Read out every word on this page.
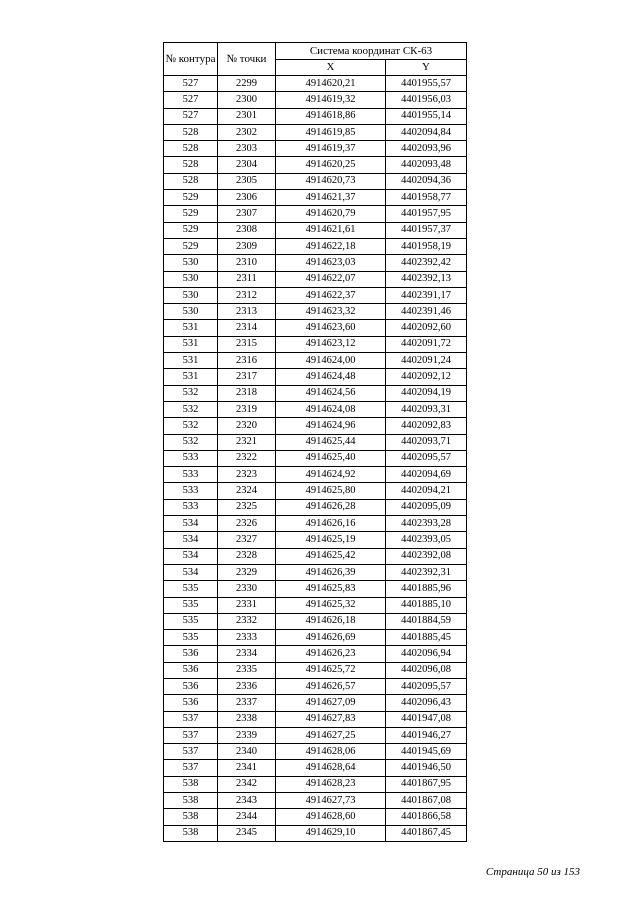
№ контура	№ точки	Система координат СК-63	
		X	Y
527	2299	4914620,21	4401955,57
527	2300	4914619,32	4401956,03
527	2301	4914618,86	4401955,14
528	2302	4914619,85	4402094,84
528	2303	4914619,37	4402093,96
528	2304	4914620,25	4402093,48
528	2305	4914620,73	4402094,36
529	2306	4914621,37	4401958,77
529	2307	4914620,79	4401957,95
529	2308	4914621,61	4401957,37
529	2309	4914622,18	4401958,19
530	2310	4914623,03	4402392,42
530	2311	4914622,07	4402392,13
530	2312	4914622,37	4402391,17
530	2313	4914623,32	4402391,46
531	2314	4914623,60	4402092,60
531	2315	4914623,12	4402091,72
531	2316	4914624,00	4402091,24
531	2317	4914624,48	4402092,12
532	2318	4914624,56	4402094,19
532	2319	4914624,08	4402093,31
532	2320	4914624,96	4402092,83
532	2321	4914625,44	4402093,71
533	2322	4914625,40	4402095,57
533	2323	4914624,92	4402094,69
533	2324	4914625,80	4402094,21
533	2325	4914626,28	4402095,09
534	2326	4914626,16	4402393,28
534	2327	4914625,19	4402393,05
534	2328	4914625,42	4402392,08
534	2329	4914626,39	4402392,31
535	2330	4914625,83	4401885,96
535	2331	4914625,32	4401885,10
535	2332	4914626,18	4401884,59
535	2333	4914626,69	4401885,45
536	2334	4914626,23	4402096,94
536	2335	4914625,72	4402096,08
536	2336	4914626,57	4402095,57
536	2337	4914627,09	4402096,43
537	2338	4914627,83	4401947,08
537	2339	4914627,25	4401946,27
537	2340	4914628,06	4401945,69
537	2341	4914628,64	4401946,50
538	2342	4914628,23	4401867,95
538	2343	4914627,73	4401867,08
538	2344	4914628,60	4401866,58
538	2345	4914629,10	4401867,45
Страница 50 из 153
